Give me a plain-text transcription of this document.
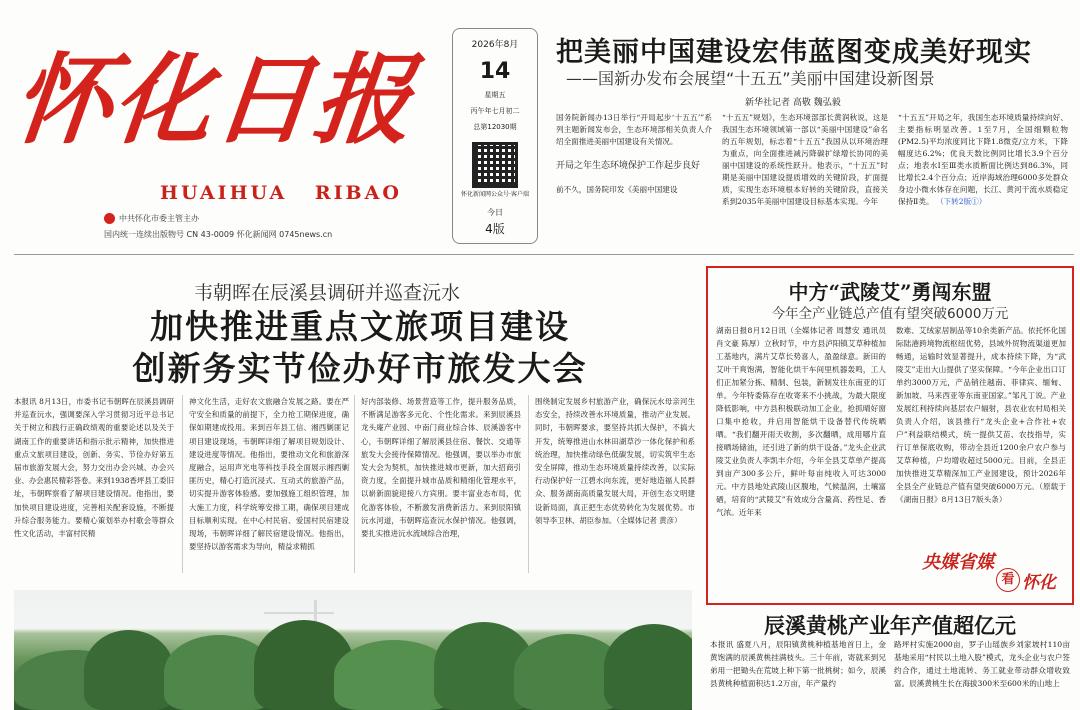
怀化日报
HUAIHUA RIBAO
中共怀化市委主管主办
国内统一连续出版物号 CN 43-0009 怀化新闻网 0745news.cn
2026年8月
14
星期五
丙午年七月初二
总第12030期
怀化新闻网公众号·客户端
今日
4版
把美丽中国建设宏伟蓝图变成美好现实
——国新办发布会展望“十五五”美丽中国建设新图景
新华社记者 高敬 魏弘毅

国务院新闻办13日举行“开局起步‘十五五’”系列主题新闻发布会，生态环境部相关负责人介绍全面推进美丽中国建设有关情况。

开局之年生态环境保护工作起步良好

前不久，国务院印发《美丽中国建设

“十五五”规划》，生态环境部部长黄润秋说，这是我国生态环境领域第一部以“美丽中国建设”命名的五年规划，标志着“十五五”我国从以环境治理为重点，向全面推进减污降碳扩绿增长协同的美丽中国建设的系统性跃升。他表示，“十五五”时期是美丽中国建设提质增效的关键阶段，扩面提质，实现生态环境根本好转的关键阶段，直接关系到2035年美丽中国建设目标基本实现。今年
“十五五”开局之年，我国生态环境质量持续向好、主要指标明显改善。1至7月，全国细颗粒物(PM2.5)平均浓度同比下降1.8微克/立方米，下降幅度达6.2%；优良天数比例同比增长3.9个百分点；地表水Ⅰ至Ⅲ类水质断面比例达到86.3%，同比增长2.4个百分点；近岸海域治理6000多处群众身边小微水体存在问题，长江、黄河干流水质稳定保持Ⅱ类。 （下转2版①）
韦朝晖在辰溪县调研并巡查沅水
加快推进重点文旅项目建设
创新务实节俭办好市旅发大会
本报讯 8月13日，市委书记韦朝晖在辰溪县调研并巡查沅水，强调要深入学习贯彻习近平总书记关于树立和践行正确政绩观的重要论述以及关于湖南工作的重要讲话和指示批示精神，加快推进重点文旅项目建设，创新、务实、节俭办好第五届市旅游发展大会，努力交出办会兴城、办会兴业、办会惠民精彩答卷。来到1938香坪县工委旧址，韦朝晖察看了解项目建设情况。他指出，要加快项目建设进度，完善相关配套设施，不断提升综合服务能力。要精心策划举办村歌会等群众性文化活动，丰富村民精
神文化生活，走好农文旅融合发展之路。要在严守安全和质量的前提下，全力抢工期保进度，确保如期建成投用。来到百年县工信、湘西剿匪记项目建设现场，韦朝晖详细了解项目规划设计、建设进度等情况。他指出，要推动文化和旅游深度融合，运用声光电等科技手段全面展示湘西剿匪历史，精心打造沉浸式、互动式的旅游产品，切实提升游客体验感。要加强施工组织管理，加大施工力度，科学统筹安排工期，确保项目建成目标顺利实现。在中心村民宿、爱国村民宿建设现场，韦朝晖详细了解民宿建设情况。他指出，要坚持以游客需求为导向，精益求精抓
好内部装修、场景营造等工作，提升服务品质，不断满足游客多元化、个性化需求。来到辰溪县龙头庵产业园、中南门商业综合体、辰溪游客中心，韦朝晖详细了解辰溪县住宿、餐饮、交通等旅发大会接待保障情况。他强调，要以举办市旅发大会为契机，加快推进城市更新，加大招商引资力度，全面提升城市品质和精细化管理水平，以崭新面貌迎接八方宾朋。要丰富业态布局，优化游客体验，不断激发消费新活力。来到辰阳镇沅水河道，韦朝晖巡查沅水保护情况。他强调，要扎实推进沅水流域综合治理，
围绕制定发展乡村旅游产业，确保沅水母亲河生态安全，持续改善水环境质量，推动产业发展。同时，韦朝晖要求，要坚持共抓大保护，不搞大开发，统筹推进山水林田湖草沙一体化保护和系统治理，加快推动绿色低碳发展，切实筑牢生态安全屏障，推动生态环境质量持续改善，以实际行动保护好一江碧水向东流，更好地造福人民群众、服务湖南高质量发展大局，开创生态文明建设新局面，真正把生态优势转化为发展优势。市领导李卫林、胡臣参加。（全媒体记者 黄彦）
中方“武陵艾”勇闯东盟
今年全产业链总产值有望突破6000万元
湖南日报8月12日讯（全媒体记者 周慧安 通讯员 肖文豪 陈厚）立秋时节，中方县泸阳镇艾草种植加工基地内，满片艾草长势喜人，盈盈绿意。新田的艾叶干爽饱满，智能化烘干车间里机器轰鸣，工人们正加紧分拣、精制、包装，新制发往东南亚的订单。今年特委陈存在收寄来不小挑战，为最大限度降低影响，中方县积极联动加工企业，抢抓晴好窗口集中抢收，并启用智能烘干设备替代传统晒晒。“我们翻开雨天收割，多次翻晒，成用哪片直接晒场储油，还引进了新的烘干设备。”龙头企业武陵艾业负责人李凯丰介绍，今年全县艾草单产提高到亩产300多公斤，鲜叶每亩纯收入可达3000元。中方县地处武陵山区腹地，气候温润，土壤富硒，培育的“武陵艾”有效成分含量高、药性足、香气浓。近年来
数难、艾绒家居制品等10余类新产品。依托怀化国际陆港跨境物流枢纽优势，县域外贸物流渠道更加畅通，运输时效显著提升，成本持续下降，为“武陵艾”走出大山提供了坚实保障。“今年企业出口订单约3000万元，产品销往越南、菲律宾、缅甸、新加坡、马来西亚等东南亚国家。”邹凡丁说。产业发展红利持续向基层农户辐射，县农业农村局相关负责人介绍，该县推行“龙头企业+合作社+农户”利益联结模式，统一提供艾苗、农技指导，实行订单保底收购，带动全县近1200余户农户参与艾草种植，户均增收超过5000元。目前，全县正加快推进艾草精深加工产业园建设，预计2026年全县全产业链总产值有望突破6000万元。（原载于《湖南日报》8月13日7版头条）
央媒省媒
看 怀化
辰溪黄桃产业年产值超亿元
本报讯 盛夏八月，辰阳镇黄桃种植基地首日上，金黄饱满的辰溪黄桃挂满枝头。三十年前，寄就来到兄弟用一把锄头在荒坡上种下第一批桃树；如今，辰溪县黄桃种植面积达1.2万亩，年产量约
路坪村实施2000亩，罗子山瑶族乡刘家坡村110亩基地采用“村民以土地入股”模式，龙头企业与农户签约合作，通过土地流转、务工就业带动群众增收致富。辰溪黄桃生长在海拔300米至600米的山地上
